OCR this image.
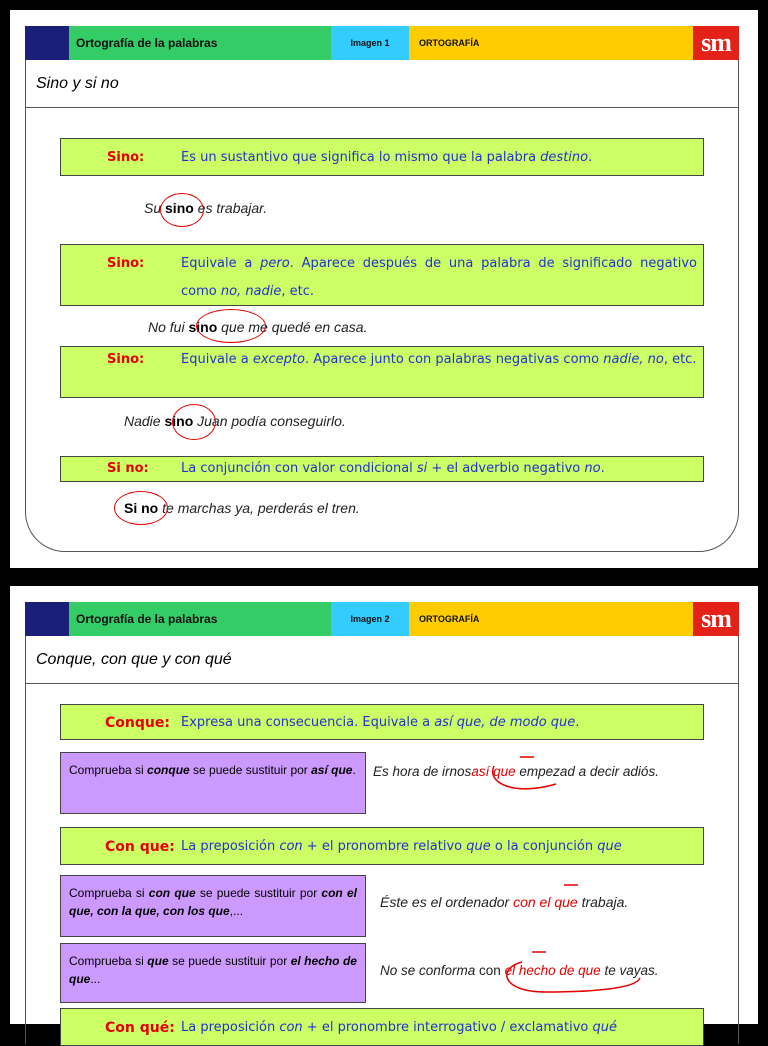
Ortografía de la palabras	Imagen 1	ORTOGRAFÍA	sm
Sino y si no
Sino:	Es un sustantivo que significa lo mismo que la palabra destino.
Su sino es trabajar.
Sino:	Equivale a pero. Aparece después de una palabra de significado negativo como no, nadie, etc.
No fui sino que me quedé en casa.
Sino:	Equivale a excepto. Aparece junto con palabras negativas como nadie, no, etc.
Nadie sino Juan podía conseguirlo.
Si no: La conjunción con valor condicional si + el adverbio negativo no.
Si no te marchas ya, perderás el tren.
Ortografía de la palabras	Imagen 2	ORTOGRAFÍA	sm
Conque, con que y con qué
Conque: Expresa una consecuencia. Equivale a así que, de modo que.
Comprueba si conque se puede sustituir por así que.	Es hora de irnosasí que empezad a decir adiós.
Con que: La preposición con + el pronombre relativo que o la conjunción que
Comprueba si con que se puede sustituir por con el que, con la que, con los que,...
Éste es el ordenador con el que trabaja.
Comprueba si que se puede sustituir por el hecho de que...
No se conforma con el hecho de que te vayas.
Con qué: La preposición con + el pronombre interrogativo / exclamativo qué
